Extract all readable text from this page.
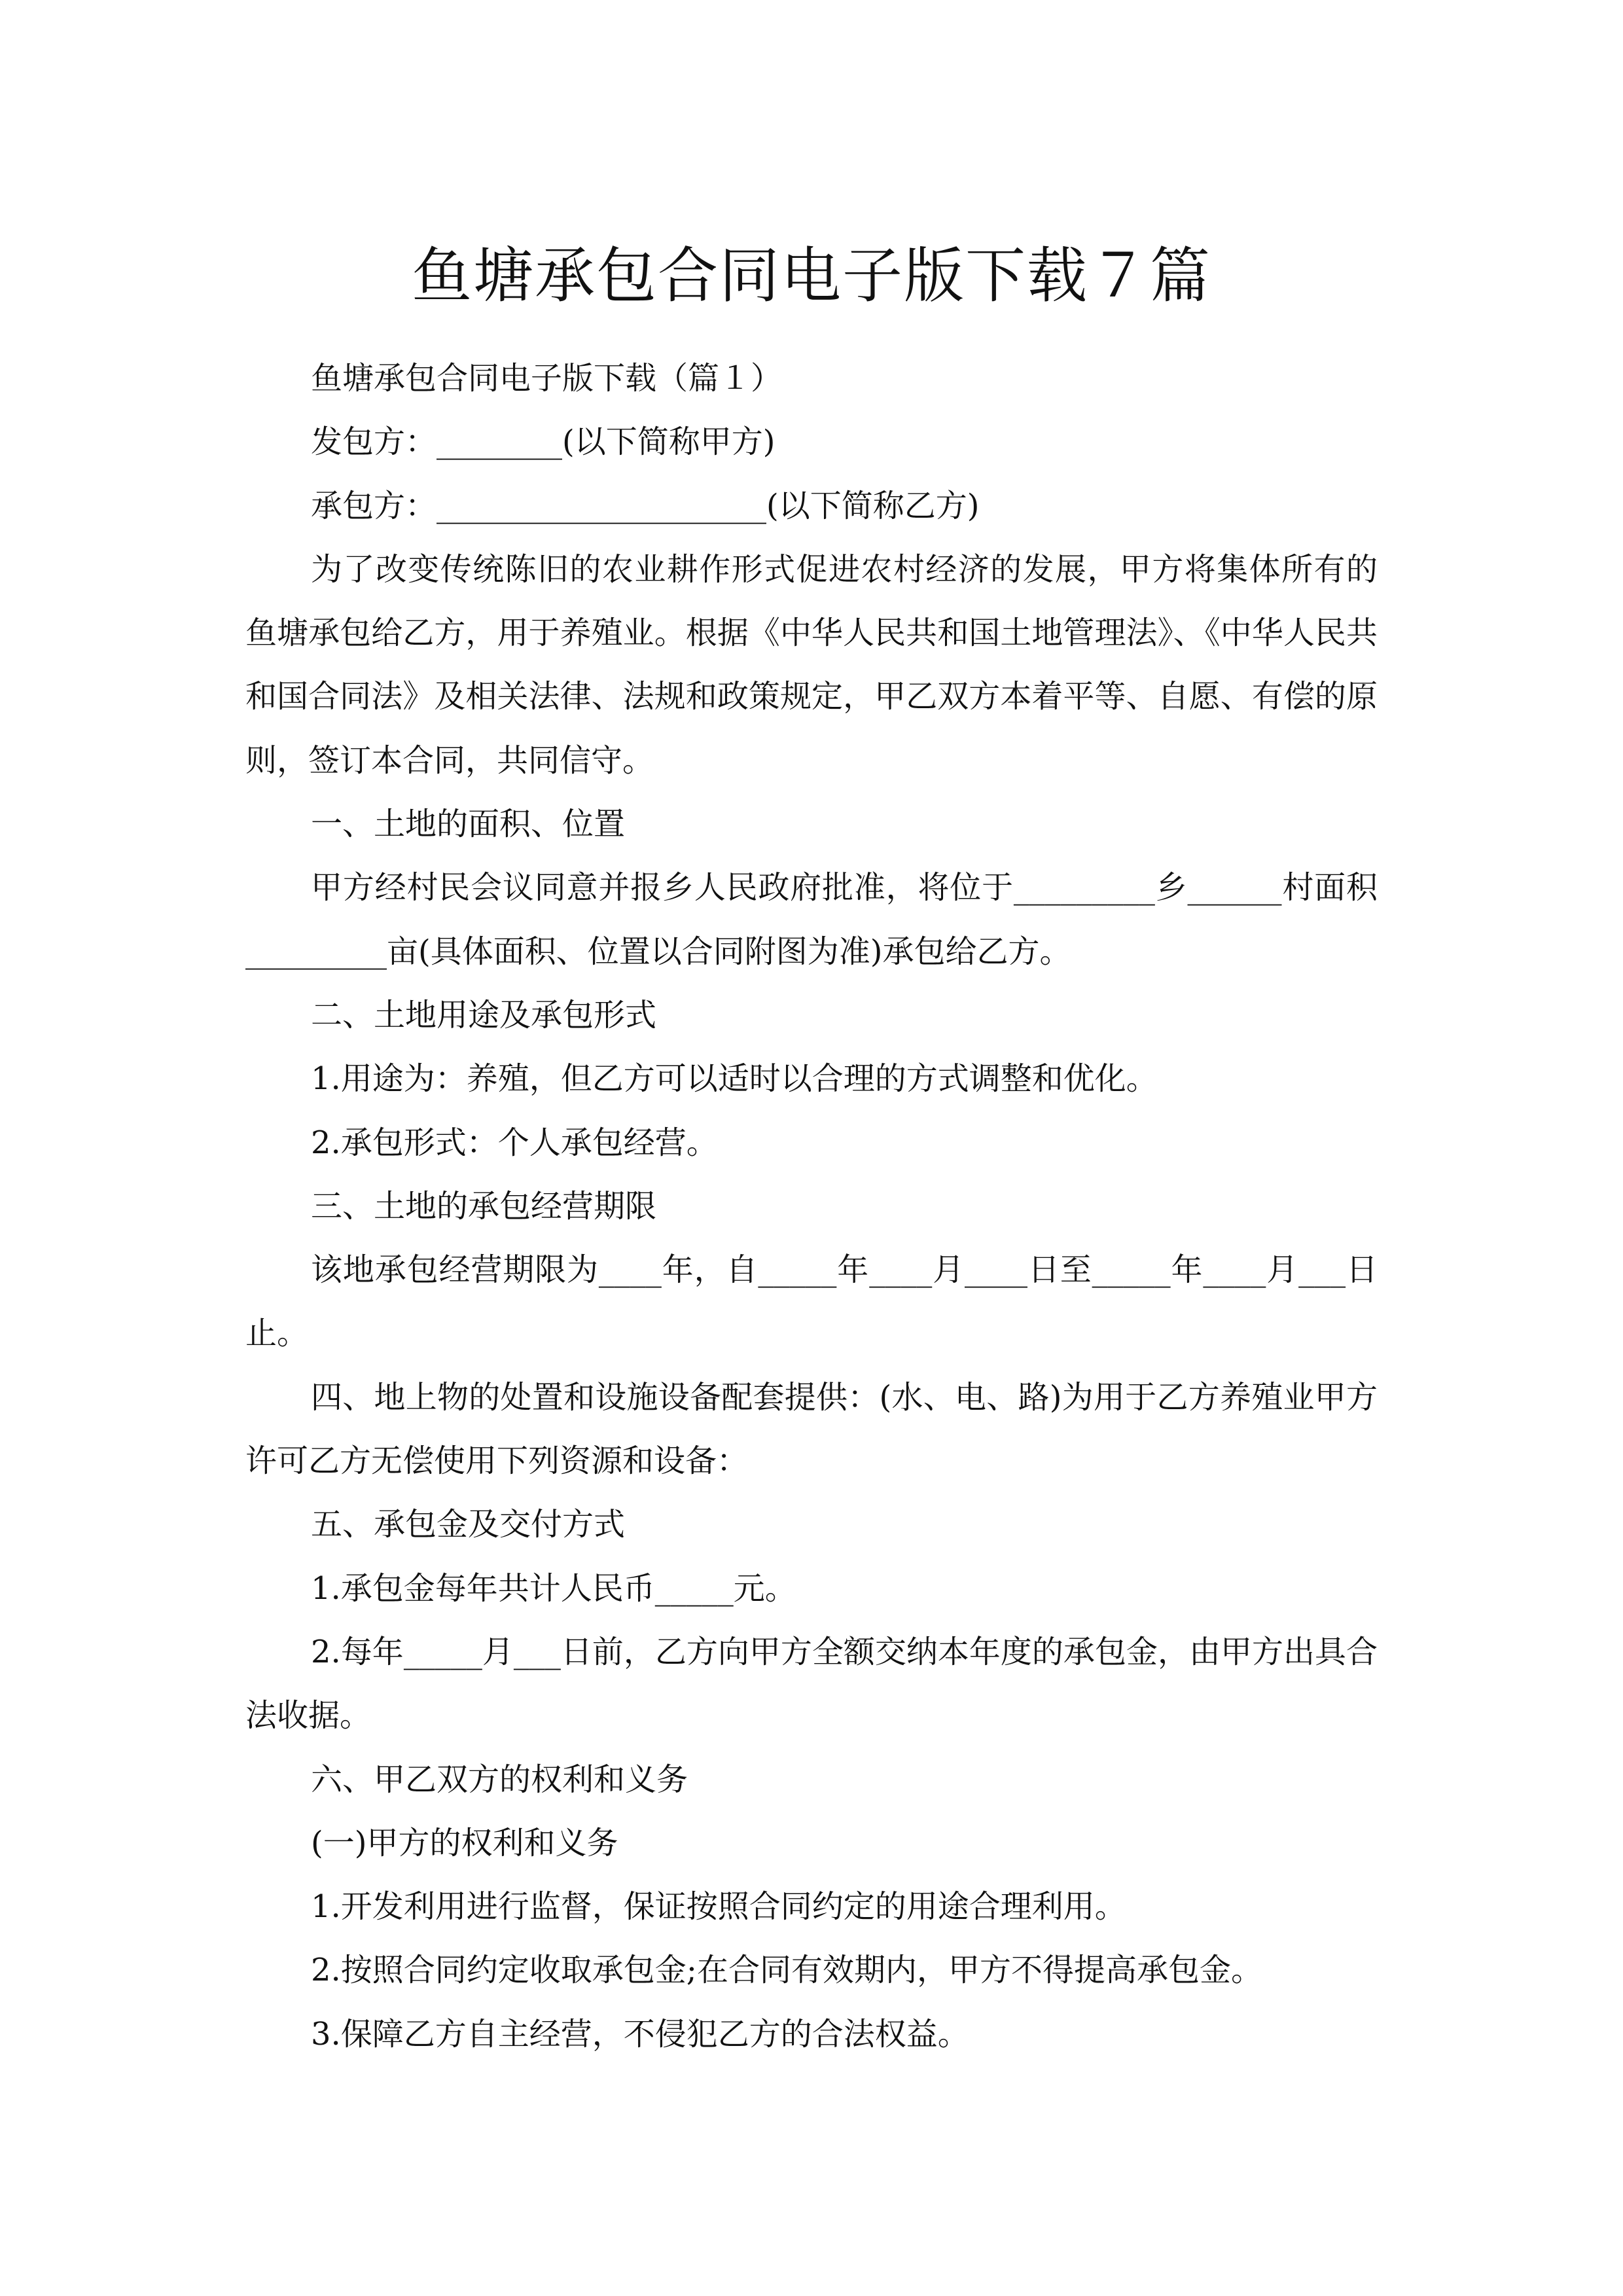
鱼塘承包合同电子版下载７篇

鱼塘承包合同电子版下载（篇１）

发包方：________(以下简称甲方)

承包方：_____________________(以下简称乙方)

为了改变传统陈旧的农业耕作形式促进农村经济的发展，甲方将集体所有的鱼塘承包给乙方，用于养殖业。根据《中华人民共和国土地管理法》、《中华人民共和国合同法》及相关法律、法规和政策规定，甲乙双方本着平等、自愿、有偿的原则，签订本合同，共同信守。

一、土地的面积、位置

甲方经村民会议同意并报乡人民政府批准，将位于_________乡______村面积_________亩(具体面积、位置以合同附图为准)承包给乙方。

二、土地用途及承包形式

1.用途为：养殖，但乙方可以适时以合理的方式调整和优化。

2.承包形式：个人承包经营。

三、土地的承包经营期限

该地承包经营期限为____年，自_____年____月____日至_____年____月___日止。

四、地上物的处置和设施设备配套提供：(水、电、路)为用于乙方养殖业甲方许可乙方无偿使用下列资源和设备：

五、承包金及交付方式

1.承包金每年共计人民币_____元。

2.每年_____月___日前，乙方向甲方全额交纳本年度的承包金，由甲方出具合法收据。

六、甲乙双方的权利和义务

(一)甲方的权利和义务

1.开发利用进行监督，保证按照合同约定的用途合理利用。

2.按照合同约定收取承包金;在合同有效期内，甲方不得提高承包金。

3.保障乙方自主经营，不侵犯乙方的合法权益。
